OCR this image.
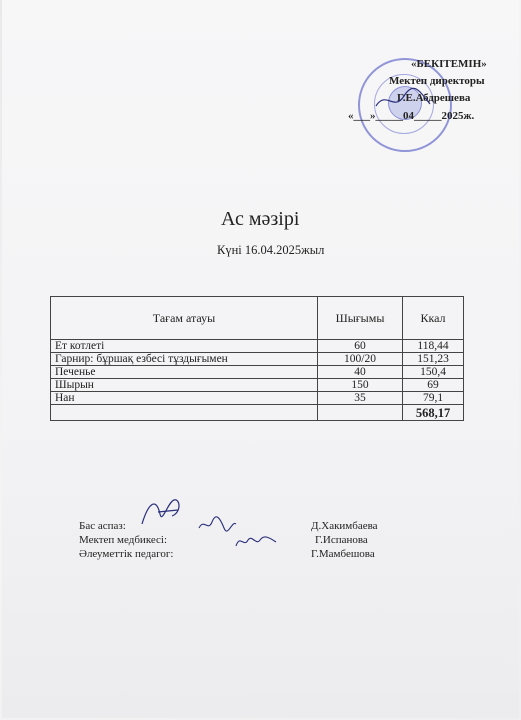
«БЕКІТЕМІН»
Мектеп директоры
Г.Е.Абдрешева
«___»_____04_____2025ж.
Ас мәзірі
Күні 16.04.2025жыл
Тағам атауы	Шығымы	Ккал
Ет котлеті	60	118,44
Гарнир: бұршақ езбесі тұздығымен	100/20	151,23
Печенье	40	150,4
Шырын	150	69
Нан	35	79,1
		568,17
Бас аспаз:	Д.Хакимбаева
Мектеп медбикесі:	Г.Испанова
Әлеуметтік педагог:	Г.Мамбешова
